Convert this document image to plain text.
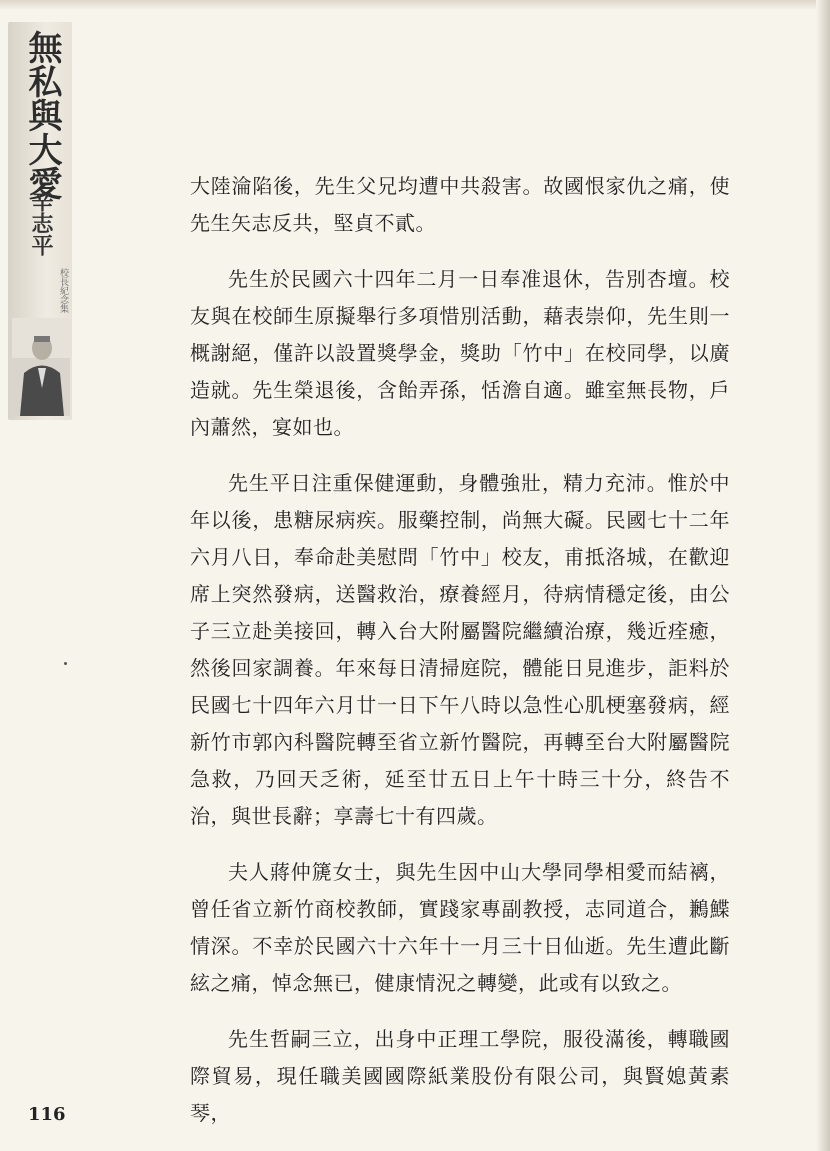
無私與大愛
辛志平
校長紀念集

大陸淪陷後，先生父兄均遭中共殺害。故國恨家仇之痛，使先生矢志反共，堅貞不貳。

先生於民國六十四年二月一日奉准退休，告別杏壇。校友與在校師生原擬舉行多項惜別活動，藉表崇仰，先生則一概謝絕，僅許以設置獎學金，獎助「竹中」在校同學，以廣造就。先生榮退後，含飴弄孫，恬澹自適。雖室無長物，戶內蕭然，宴如也。

先生平日注重保健運動，身體強壯，精力充沛。惟於中年以後，患糖尿病疾。服藥控制，尚無大礙。民國七十二年六月八日，奉命赴美慰問「竹中」校友，甫抵洛城，在歡迎席上突然發病，送醫救治，療養經月，待病情穩定後，由公子三立赴美接回，轉入台大附屬醫院繼續治療，幾近痊癒，然後回家調養。年來每日清掃庭院，體能日見進步，詎料於民國七十四年六月廿一日下午八時以急性心肌梗塞發病，經新竹市郭內科醫院轉至省立新竹醫院，再轉至台大附屬醫院急救，乃回天乏術，延至廿五日上午十時三十分，終告不治，與世長辭；享壽七十有四歲。

夫人蔣仲篪女士，與先生因中山大學同學相愛而結褵，曾任省立新竹商校教師，實踐家專副教授，志同道合，鶼鰈情深。不幸於民國六十六年十一月三十日仙逝。先生遭此斷絃之痛，悼念無已，健康情況之轉變，此或有以致之。

先生哲嗣三立，出身中正理工學院，服役滿後，轉職國際貿易，現任職美國國際紙業股份有限公司，與賢媳黃素琴，

116
